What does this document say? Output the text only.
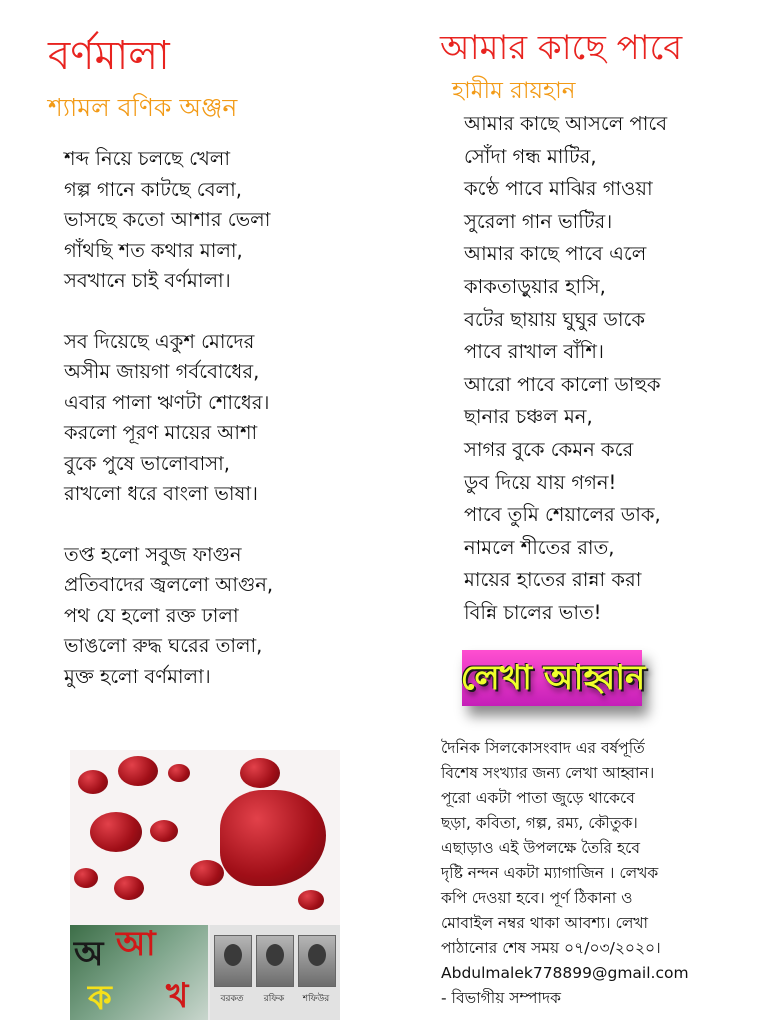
বর্ণমালা
শ্যামল বণিক অঞ্জন
শব্দ নিয়ে চলছে খেলা
গল্প গানে কাটছে বেলা,
ভাসছে কতো আশার ভেলা
গাঁথছি শত কথার মালা,
সবখানে চাই বর্ণমালা।
সব দিয়েছে একুশ মোদের
অসীম জায়গা গর্ববোধের,
এবার পালা ঋণটা শোধের।
করলো পূরণ মায়ের আশা
বুকে পুষে ভালোবাসা,
রাখলো ধরে বাংলা ভাষা।
তপ্ত হলো সবুজ ফাগুন
প্রতিবাদের জ্বললো আগুন,
পথ যে হলো রক্ত ঢালা
ভাঙলো রুদ্ধ ঘরের তালা,
মুক্ত হলো বর্ণমালা।
আমার কাছে পাবে
হামীম রায়হান
আমার কাছে আসলে পাবে
সোঁদা গন্ধ মাটির,
কণ্ঠে পাবে মাঝির গাওয়া
সুরেলা গান ভাটির।
আমার কাছে পাবে এলে
কাকতাড়ুয়ার হাসি,
বটের ছায়ায় ঘুঘুর ডাকে
পাবে রাখাল বাঁশি।
আরো পাবে কালো ডাহুক
ছানার চঞ্চল মন,
সাগর বুকে কেমন করে
ডুব দিয়ে যায় গগন!
পাবে তুমি শেয়ালের ডাক,
নামলে শীতের রাত,
মায়ের হাতের রান্না করা
বিন্নি চালের ভাত!
লেখা আহ্বান
দৈনিক সিলকোসংবাদ এর বর্ষপূর্তি
বিশেষ সংখ্যার জন্য লেখা আহ্বান।
পূরো একটা পাতা জুড়ে থাকেবে
ছড়া, কবিতা, গল্প, রম্য, কৌতুক।
এছাড়াও এই উপলক্ষে তৈরি হবে
দৃষ্টি নন্দন একটা ম্যাগাজিন । লেখক
কপি দেওয়া হবে। পূর্ণ ঠিকানা ও
মোবাইল নম্বর থাকা আবশ্য। লেখা
পাঠানোর শেষ সময় ০৭/০৩/২০২০।
Abdulmalek778899@gmail.com
- বিভাগীয় সম্পাদক
অ আ
ক খ	বরকত	রফিক	শফিউর
